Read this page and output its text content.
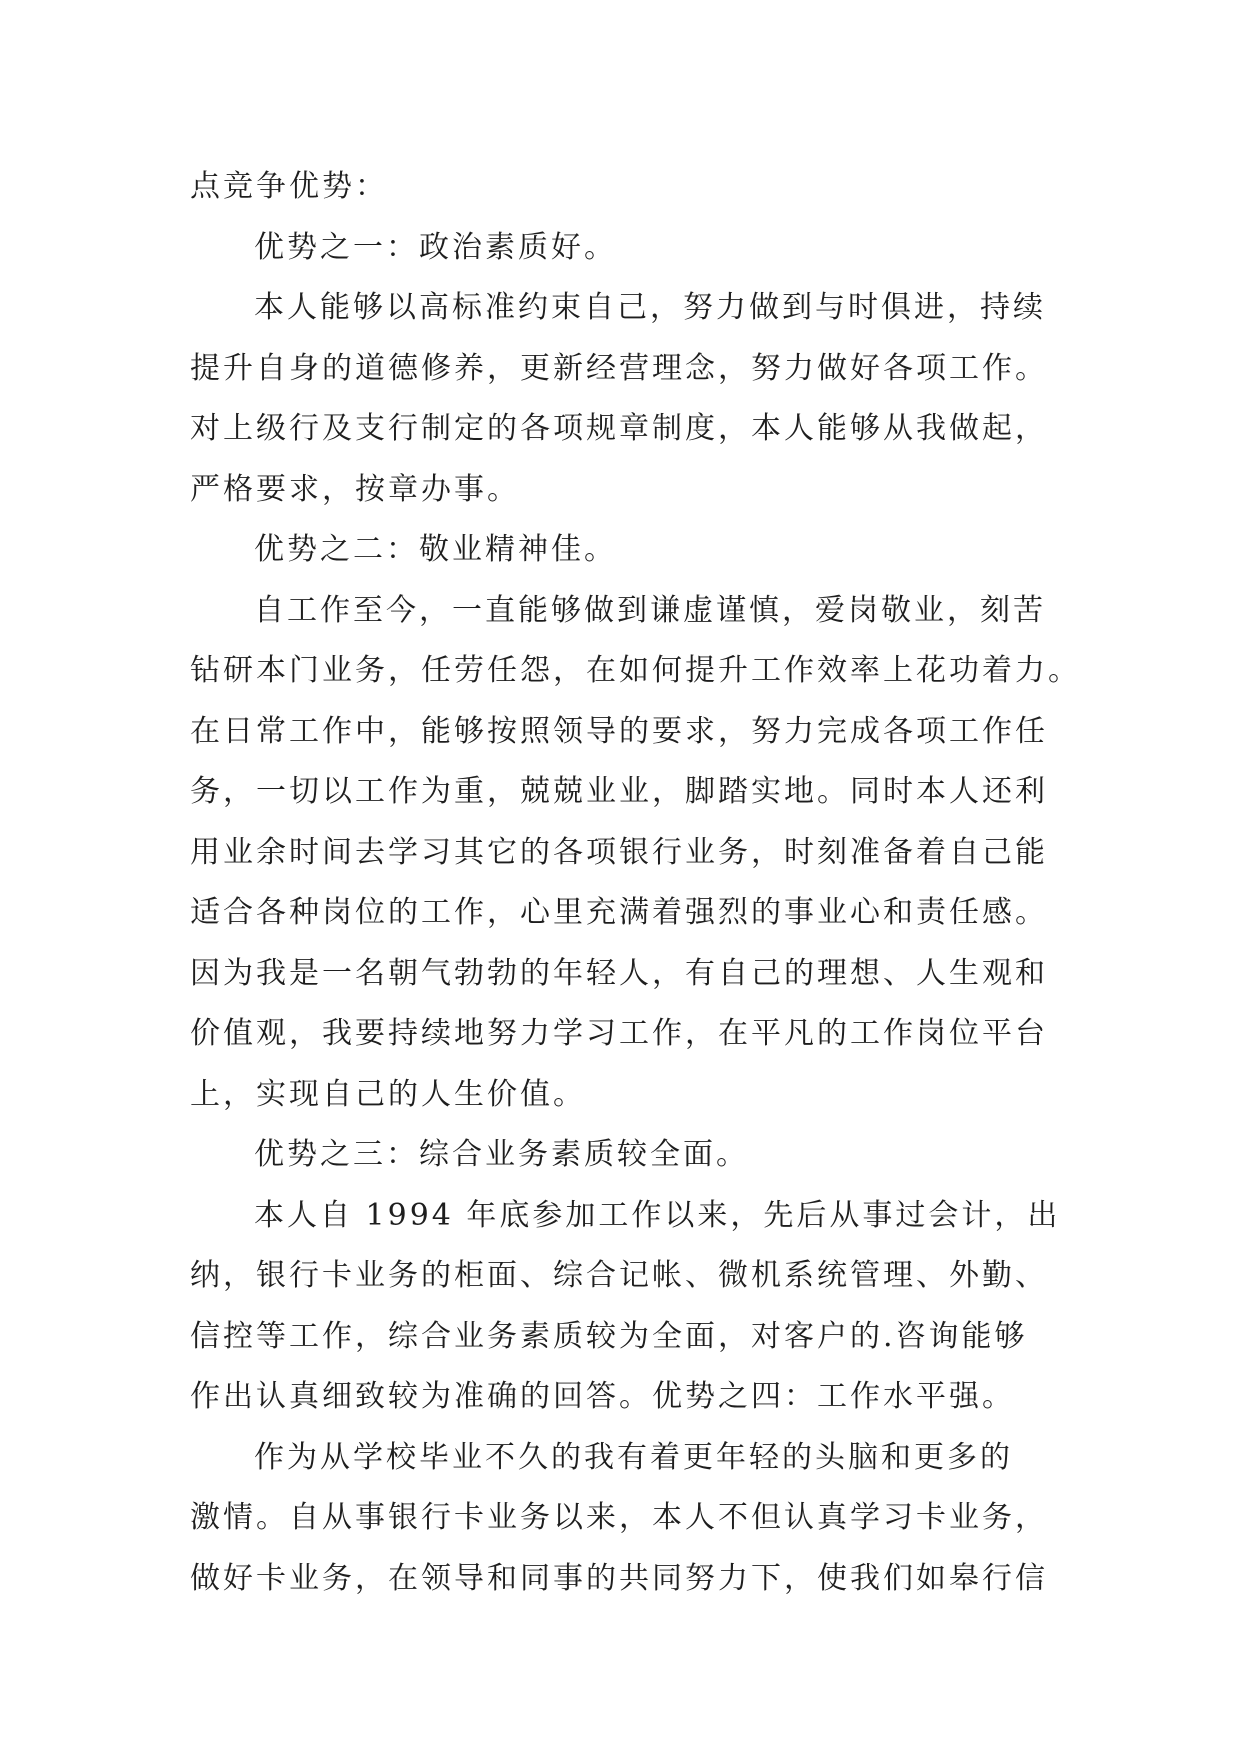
点竞争优势：
优势之一：政治素质好。
本人能够以高标准约束自己，努力做到与时俱进，持续
提升自身的道德修养，更新经营理念，努力做好各项工作。
对上级行及支行制定的各项规章制度，本人能够从我做起，
严格要求，按章办事。
优势之二：敬业精神佳。
自工作至今，一直能够做到谦虚谨慎，爱岗敬业，刻苦
钻研本门业务，任劳任怨，在如何提升工作效率上花功着力。
在日常工作中，能够按照领导的要求，努力完成各项工作任
务，一切以工作为重，兢兢业业，脚踏实地。同时本人还利
用业余时间去学习其它的各项银行业务，时刻准备着自己能
适合各种岗位的工作，心里充满着强烈的事业心和责任感。
因为我是一名朝气勃勃的年轻人，有自己的理想、人生观和
价值观，我要持续地努力学习工作，在平凡的工作岗位平台
上，实现自己的人生价值。
优势之三：综合业务素质较全面。
本人自 1994 年底参加工作以来，先后从事过会计，出
纳，银行卡业务的柜面、综合记帐、微机系统管理、外勤、
信控等工作，综合业务素质较为全面，对客户的.咨询能够
作出认真细致较为准确的回答。优势之四：工作水平强。
作为从学校毕业不久的我有着更年轻的头脑和更多的
激情。自从事银行卡业务以来，本人不但认真学习卡业务，
做好卡业务，在领导和同事的共同努力下，使我们如皋行信
